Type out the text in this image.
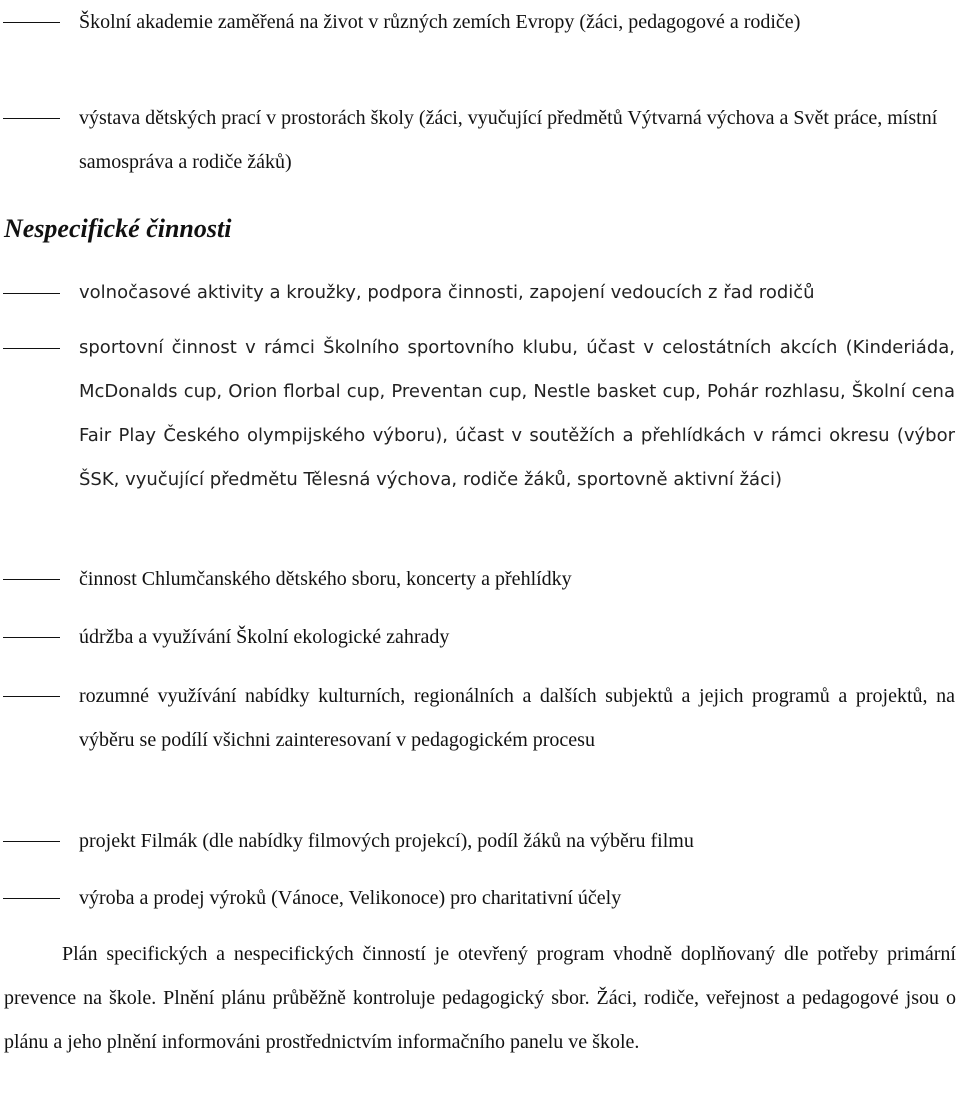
Školní akademie zaměřená na život v různých zemích Evropy (žáci, pedagogové a rodiče)
výstava dětských prací v prostorách školy (žáci, vyučující předmětů Výtvarná výchova a Svět práce, místní samospráva a rodiče žáků)
Nespecifické činnosti
volnočasové aktivity a kroužky, podpora činnosti, zapojení vedoucích z řad rodičů
sportovní činnost v rámci Školního sportovního klubu, účast v celostátních akcích (Kinderiáda, McDonalds cup, Orion florbal cup, Preventan cup, Nestle basket cup, Pohár rozhlasu, Školní cena Fair Play Českého olympijského výboru), účast v soutěžích a přehlídkách v rámci okresu (výbor ŠSK, vyučující předmětu Tělesná výchova, rodiče žáků, sportovně aktivní žáci)
činnost Chlumčanského dětského sboru, koncerty a přehlídky
údržba a využívání Školní ekologické zahrady
rozumné využívání nabídky kulturních, regionálních a dalších subjektů a jejich programů a projektů, na výběru se podílí všichni zainteresovaní v pedagogickém procesu
projekt Filmák (dle nabídky filmových projekcí), podíl žáků na výběru filmu
výroba a prodej výroků (Vánoce, Velikonoce) pro charitativní účely
Plán specifických a nespecifických činností je otevřený program vhodně doplňovaný dle potřeby primární prevence na škole. Plnění plánu průběžně kontroluje pedagogický sbor. Žáci, rodiče, veřejnost a pedagogové jsou o plánu a jeho plnění informováni prostřednictvím informačního panelu ve škole.
